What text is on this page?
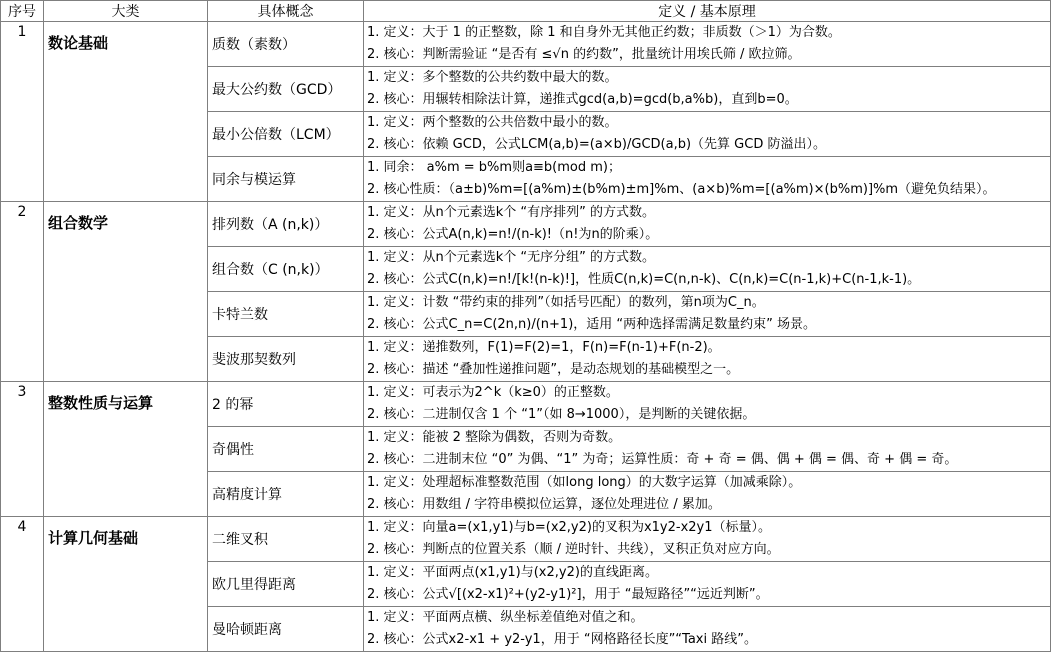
序号	大类	具体概念	定义 / 基本原理
1	数论基础	质数（素数）	1. 定义：大于 1 的正整数，除 1 和自身外无其他正约数；非质数（＞1）为合数。
2. 核心：判断需验证 “是否有 ≤√n 的约数”，批量统计用埃氏筛 / 欧拉筛。

		最大公约数（GCD）	1. 定义：多个整数的公共约数中最大的数。
2. 核心：用辗转相除法计算，递推式gcd(a,b)=gcd(b,a%b)，直到b=0。

		最小公倍数（LCM）	1. 定义：两个整数的公共倍数中最小的数。
2. 核心：依赖 GCD，公式LCM(a,b)=(a×b)/GCD(a,b)（先算 GCD 防溢出）。

		同余与模运算	1. 同余： a%m = b%m则a≡b(mod m)；
2. 核心性质：（a±b)%m=[(a%m)±(b%m)±m]%m、(a×b)%m=[(a%m)×(b%m)]%m（避免负结果）。

2	组合数学	排列数（A (n,k)）	1. 定义：从n个元素选k个 “有序排列” 的方式数。
2. 核心：公式A(n,k)=n!/(n-k)!（n!为n的阶乘）。

		组合数（C (n,k)）	1. 定义：从n个元素选k个 “无序分组” 的方式数。
2. 核心：公式C(n,k)=n!/[k!(n-k)!]，性质C(n,k)=C(n,n-k)、C(n,k)=C(n-1,k)+C(n-1,k-1)。

		卡特兰数	1. 定义：计数 “带约束的排列”（如括号匹配）的数列，第n项为C_n。
2. 核心：公式C_n=C(2n,n)/(n+1)，适用 “两种选择需满足数量约束” 场景。

		斐波那契数列	1. 定义：递推数列，F(1)=F(2)=1，F(n)=F(n-1)+F(n-2)。
2. 核心：描述 “叠加性递推问题”，是动态规划的基础模型之一。

3	整数性质与运算	2 的幂	1. 定义：可表示为2^k（k≥0）的正整数。
2. 核心：二进制仅含 1 个 “1”（如 8→1000），是判断的关键依据。

		奇偶性	1. 定义：能被 2 整除为偶数，否则为奇数。
2. 核心：二进制末位 “0” 为偶、“1” 为奇；运算性质：奇 + 奇 = 偶、偶 + 偶 = 偶、奇 + 偶 = 奇。

		高精度计算	1. 定义：处理超标准整数范围（如long long）的大数字运算（加减乘除）。
2. 核心：用数组 / 字符串模拟位运算，逐位处理进位 / 累加。

4	计算几何基础	二维叉积	1. 定义：向量a=(x1,y1)与b=(x2,y2)的叉积为x1y2-x2y1（标量）。
2. 核心：判断点的位置关系（顺 / 逆时针、共线），叉积正负对应方向。

		欧几里得距离	1. 定义：平面两点(x1,y1)与(x2,y2)的直线距离。
2. 核心：公式√[(x2-x1)²+(y2-y1)²]，用于 “最短路径”“远近判断”。

		曼哈顿距离	1. 定义：平面两点横、纵坐标差值绝对值之和。
2. 核心：公式x2-x1 + y2-y1，用于 “网格路径长度”“Taxi 路线”。
